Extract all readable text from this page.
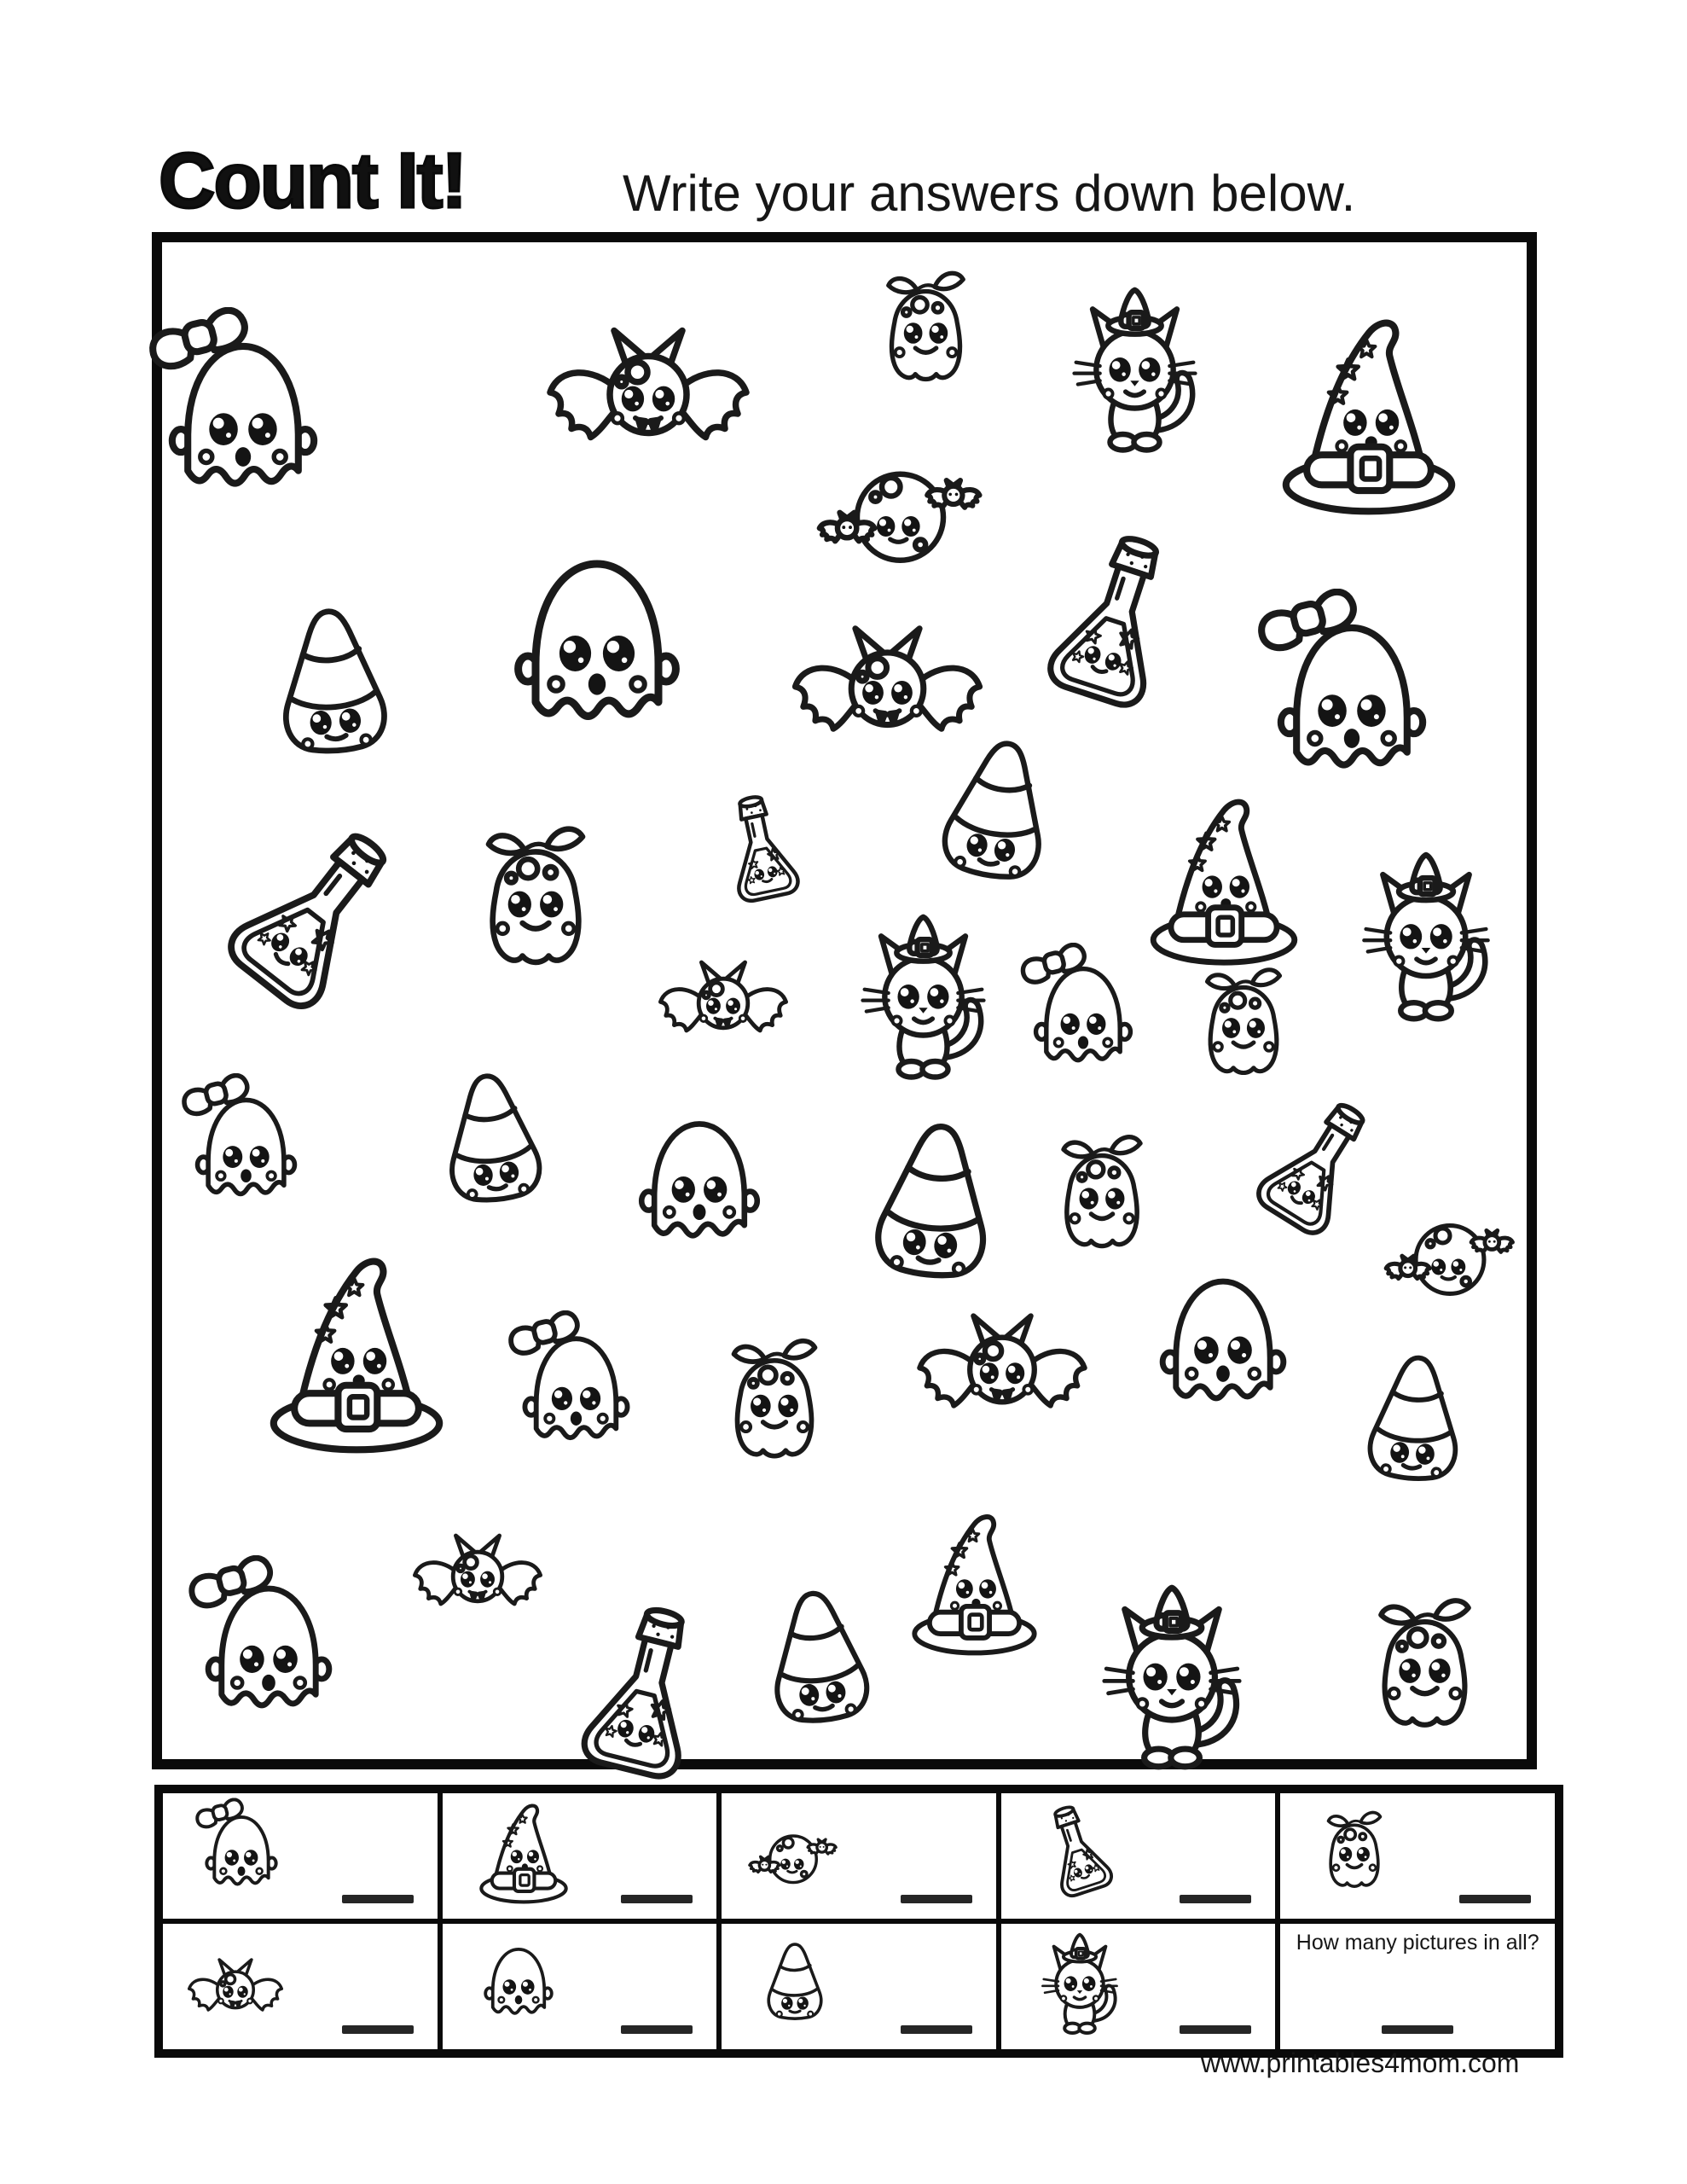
Count It!	Write your answers down below.
How many pictures in all?
www.printables4mom.com
